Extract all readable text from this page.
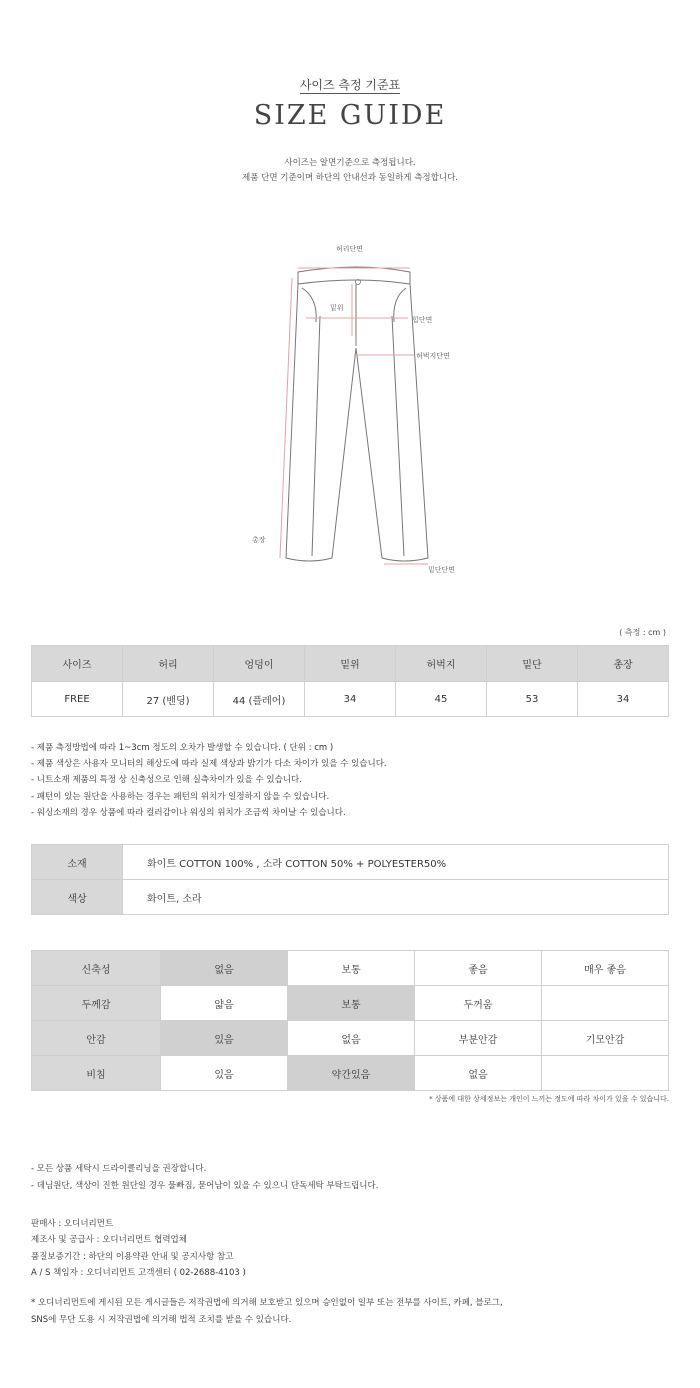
사이즈 측정 기준표
SIZE GUIDE
사이즈는 알면기준으로 측정됩니다.
제품 단면 기준이며 하단의 안내선과 동일하게 측정합니다.
허리단면
밑위
힙단면
허벅지단면
총장
밑단단면
( 측정 : cm )
사이즈	허리	엉덩이	밑위	허벅지	밑단	총장
FREE	27 (밴딩)	44 (플레어)	34	45	53	34
- 제품 측정방법에 따라 1~3cm 정도의 오차가 발생할 수 있습니다. ( 단위 : cm )
- 제품 색상은 사용자 모니터의 해상도에 따라 실제 색상과 밝기가 다소 차이가 있을 수 있습니다.
- 니트소재 제품의 특정 상 신축성으로 인해 실측차이가 있을 수 있습니다.
- 패턴이 있는 원단을 사용하는 경우는 패턴의 위치가 일정하지 않을 수 있습니다.
- 워싱소재의 경우 상품에 따라 컬러감이나 워싱의 위치가 조금씩 차이날 수 있습니다.
소재	화이트 COTTON 100% , 소라 COTTON 50% + POLYESTER50%
색상	화이트, 소라
신축성	없음	보통	좋음	매우 좋음
두께감	얇음	보통	두꺼움	
안감	있음	없음	부분안감	기모안감
비침	있음	약간있음	없음	
* 상품에 대한 상세정보는 개인이 느끼는 정도에 따라 차이가 있을 수 있습니다.
- 모든 상품 세탁시 드라이클리닝을 권장합니다.
- 데님원단, 색상이 진한 원단일 경우 물빠짐, 묻어남이 있을 수 있으니 단독세탁 부탁드립니다.
판매사 : 오디너리먼트
제조사 및 공급사 : 오디너리먼트 협력업체
품질보증기간 : 하단의 이용약관 안내 및 공지사항 참고
A / S 책임자 : 오디너리먼트 고객센터 ( 02-2688-4103 )
* 오디너리먼트에 게시된 모든 게시글들은 저작권법에 의거해 보호받고 있으며 승인없이 일부 또는 전부를 사이트, 카페, 블로그,
SNS에 무단 도용 시 저작권법에 의거해 법적 조치를 받을 수 있습니다.
